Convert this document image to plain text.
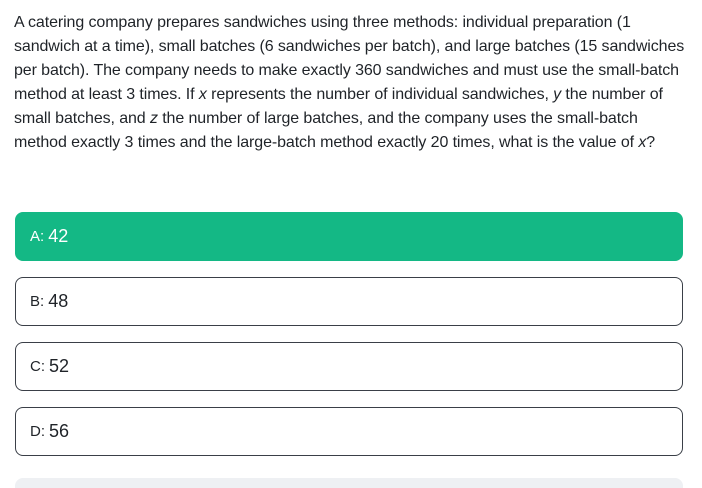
A catering company prepares sandwiches using three methods: individual preparation (1 sandwich at a time), small batches (6 sandwiches per batch), and large batches (15 sandwiches per batch). The company needs to make exactly 360 sandwiches and must use the small-batch method at least 3 times. If x represents the number of individual sandwiches, y the number of small batches, and z the number of large batches, and the company uses the small-batch method exactly 3 times and the large-batch method exactly 20 times, what is the value of x?
A: 42
B: 48
C: 52
D: 56
